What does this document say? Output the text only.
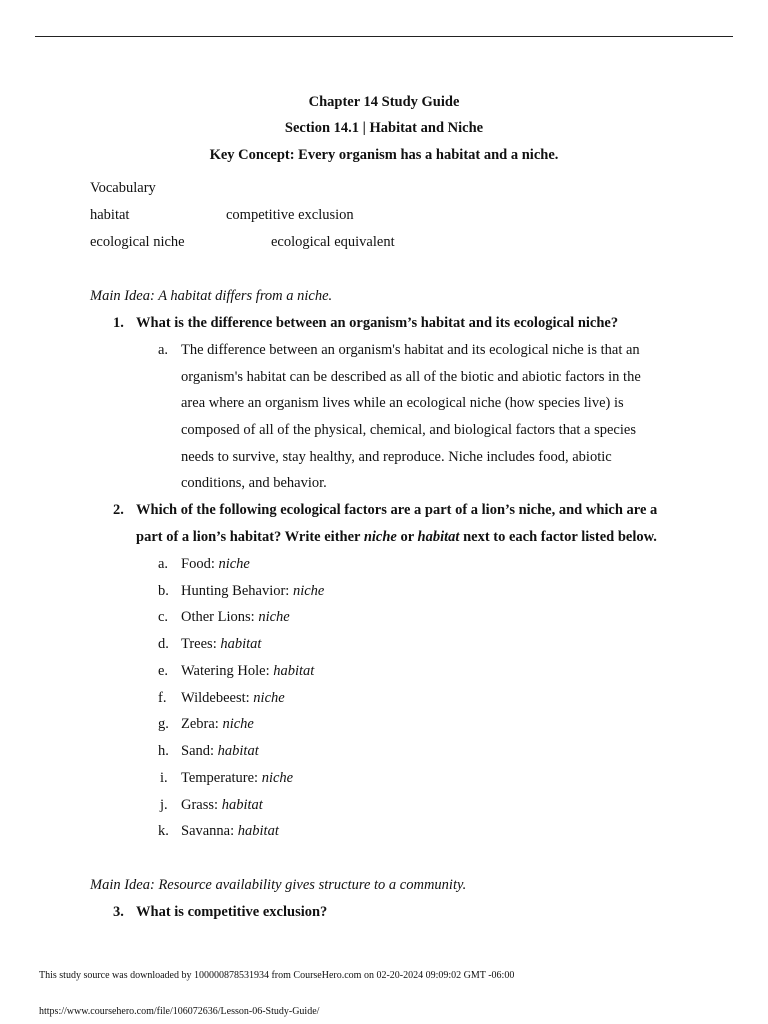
Chapter 14 Study Guide
Section 14.1 | Habitat and Niche
Key Concept: Every organism has a habitat and a niche.
Vocabulary
habitat	competitive exclusion
ecological niche	ecological equivalent
Main Idea: A habitat differs from a niche.
1. What is the difference between an organism’s habitat and its ecological niche?
a. The difference between an organism's habitat and its ecological niche is that an
organism's habitat can be described as all of the biotic and abiotic factors in the
area where an organism lives while an ecological niche (how species live) is
composed of all of the physical, chemical, and biological factors that a species
needs to survive, stay healthy, and reproduce. Niche includes food, abiotic
conditions, and behavior.
2. Which of the following ecological factors are a part of a lion’s niche, and which are a
part of a lion’s habitat? Write either niche or habitat next to each factor listed below.
a. Food: niche
b. Hunting Behavior: niche
c. Other Lions: niche
d. Trees: habitat
e. Watering Hole: habitat
f. Wildebeest: niche
g. Zebra: niche
h. Sand: habitat
i. Temperature: niche
j. Grass: habitat
k. Savanna: habitat
Main Idea: Resource availability gives structure to a community.
3. What is competitive exclusion?
This study source was downloaded by 100000878531934 from CourseHero.com on 02-20-2024 09:09:02 GMT -06:00
https://www.coursehero.com/file/106072636/Lesson-06-Study-Guide/
